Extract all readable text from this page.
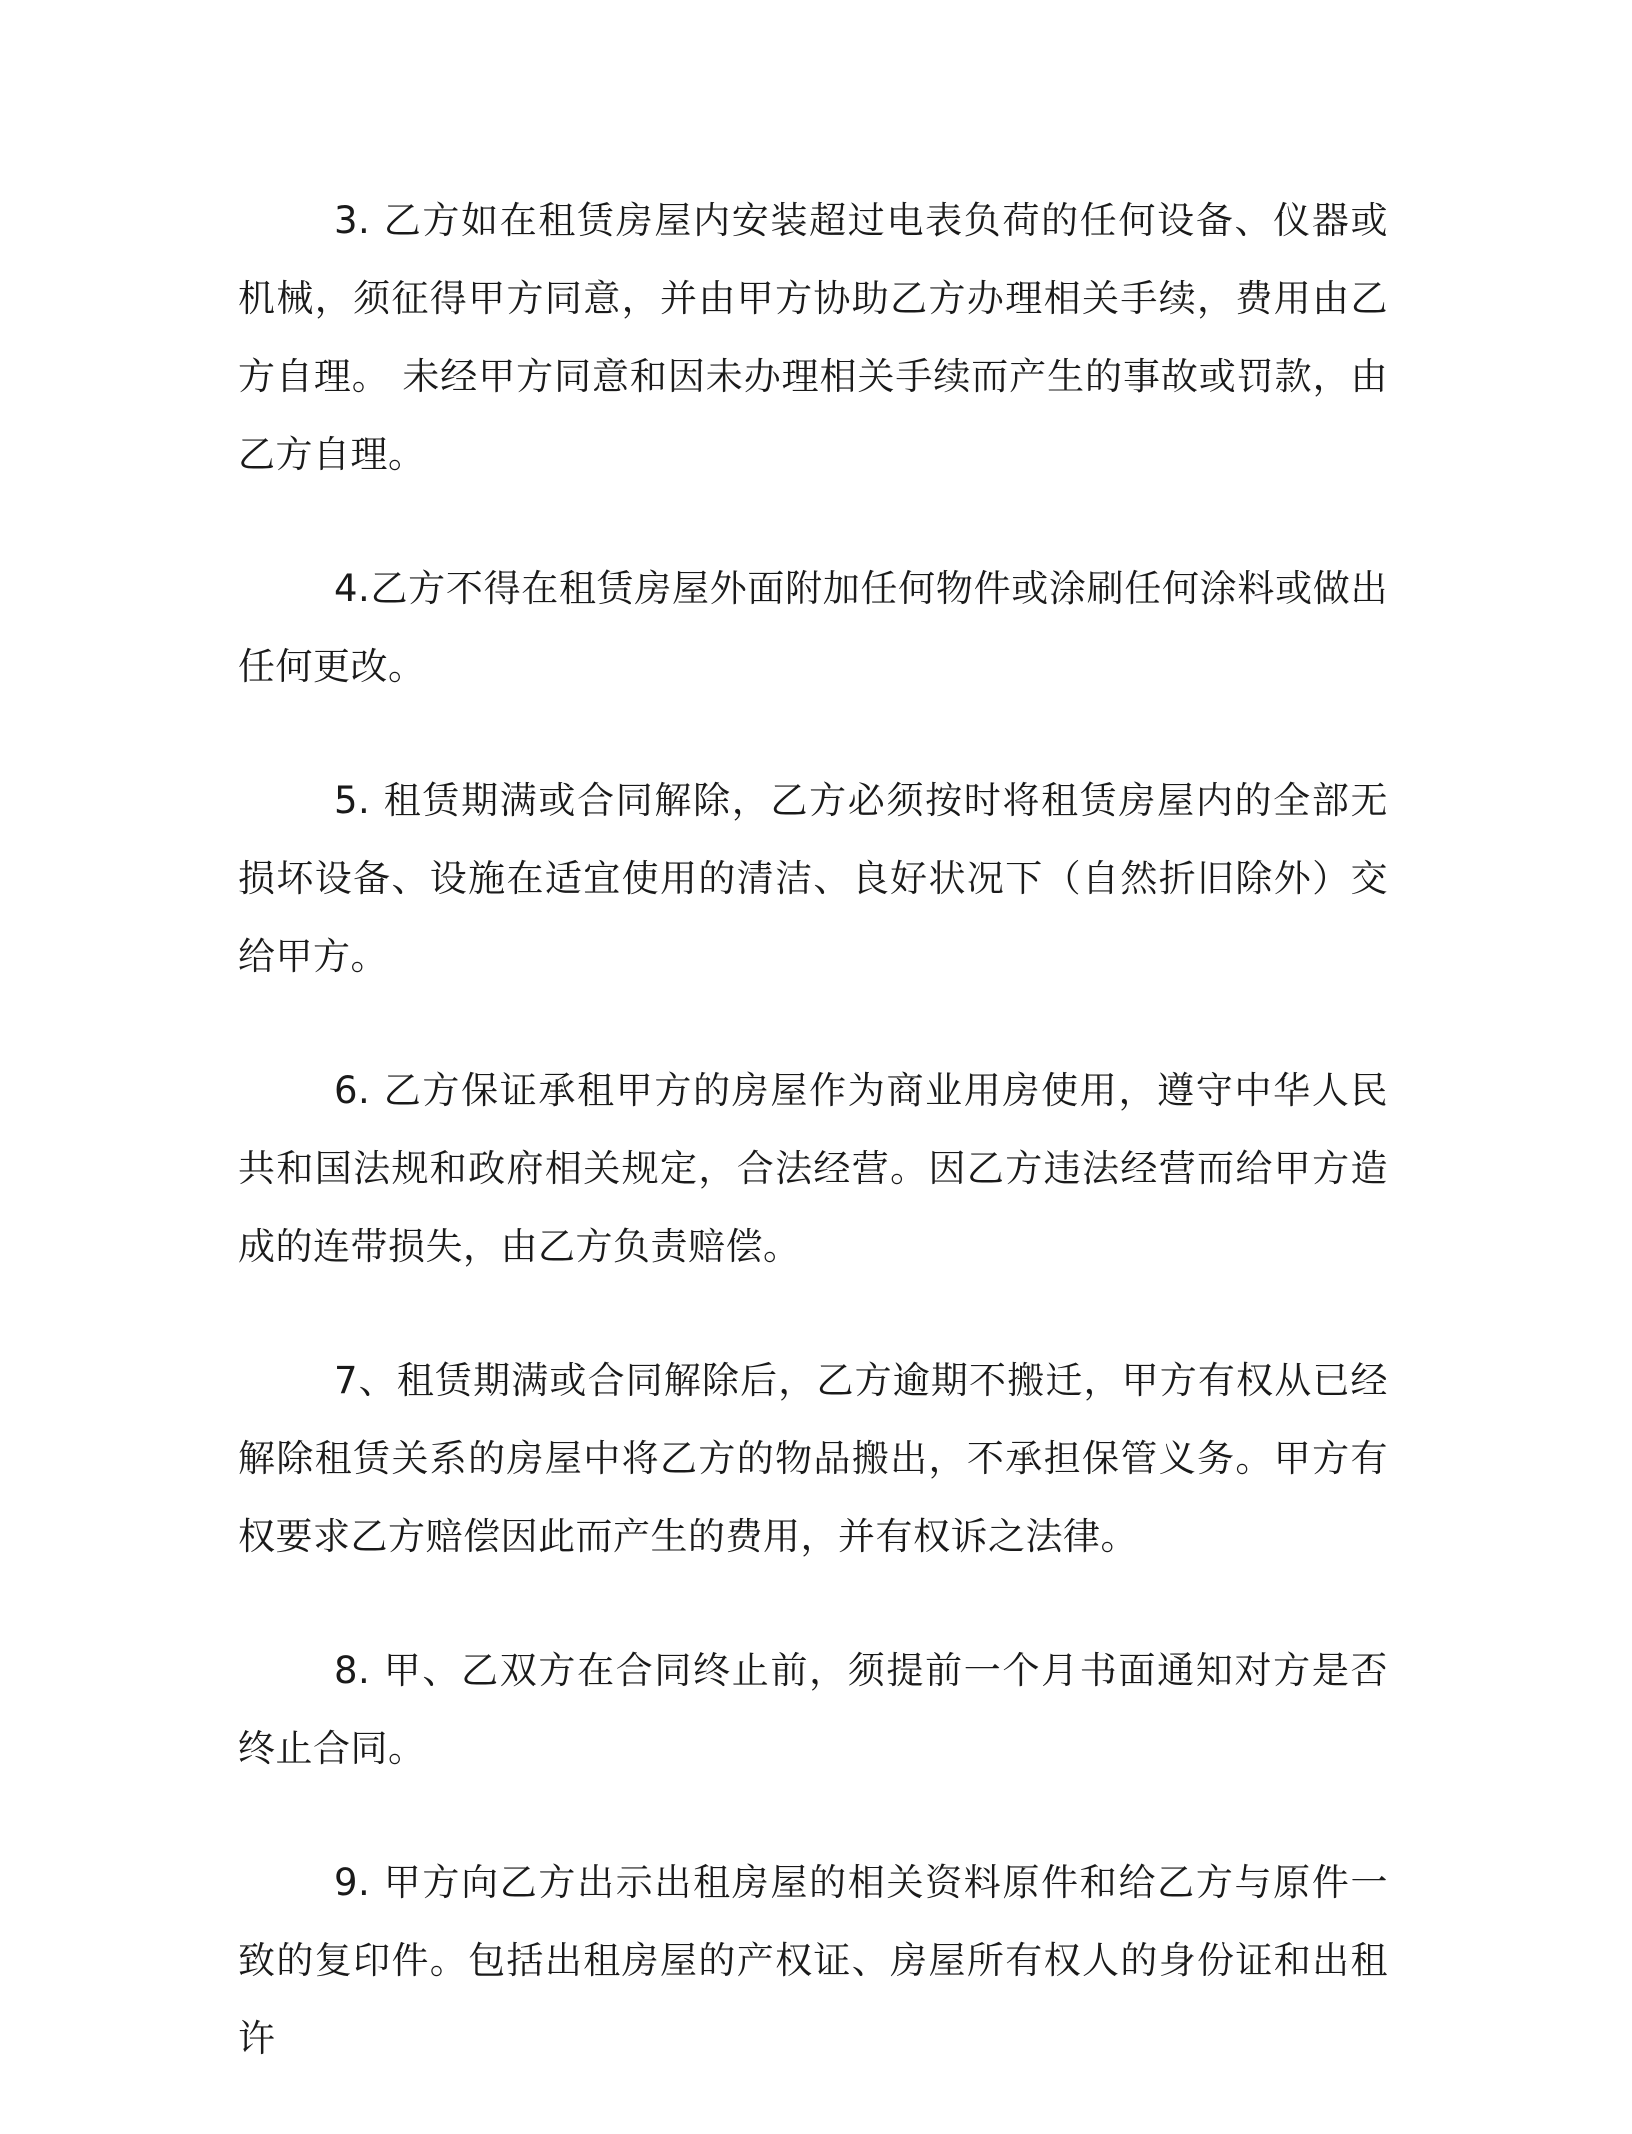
3. 乙方如在租赁房屋内安装超过电表负荷的任何设备、仪器或机械，须征得甲方同意，并由甲方协助乙方办理相关手续，费用由乙方自理。 未经甲方同意和因未办理相关手续而产生的事故或罚款，由乙方自理。

4.乙方不得在租赁房屋外面附加任何物件或涂刷任何涂料或做出任何更改。

5. 租赁期满或合同解除，乙方必须按时将租赁房屋内的全部无损坏设备、设施在适宜使用的清洁、良好状况下（自然折旧除外）交给甲方。

6. 乙方保证承租甲方的房屋作为商业用房使用，遵守中华人民共和国法规和政府相关规定，合法经营。因乙方违法经营而给甲方造成的连带损失，由乙方负责赔偿。

7、租赁期满或合同解除后，乙方逾期不搬迁，甲方有权从已经解除租赁关系的房屋中将乙方的物品搬出，不承担保管义务。甲方有权要求乙方赔偿因此而产生的费用，并有权诉之法律。

8. 甲、乙双方在合同终止前，须提前一个月书面通知对方是否终止合同。

9. 甲方向乙方出示出租房屋的相关资料原件和给乙方与原件一致的复印件。包括出租房屋的产权证、房屋所有权人的身份证和出租许
